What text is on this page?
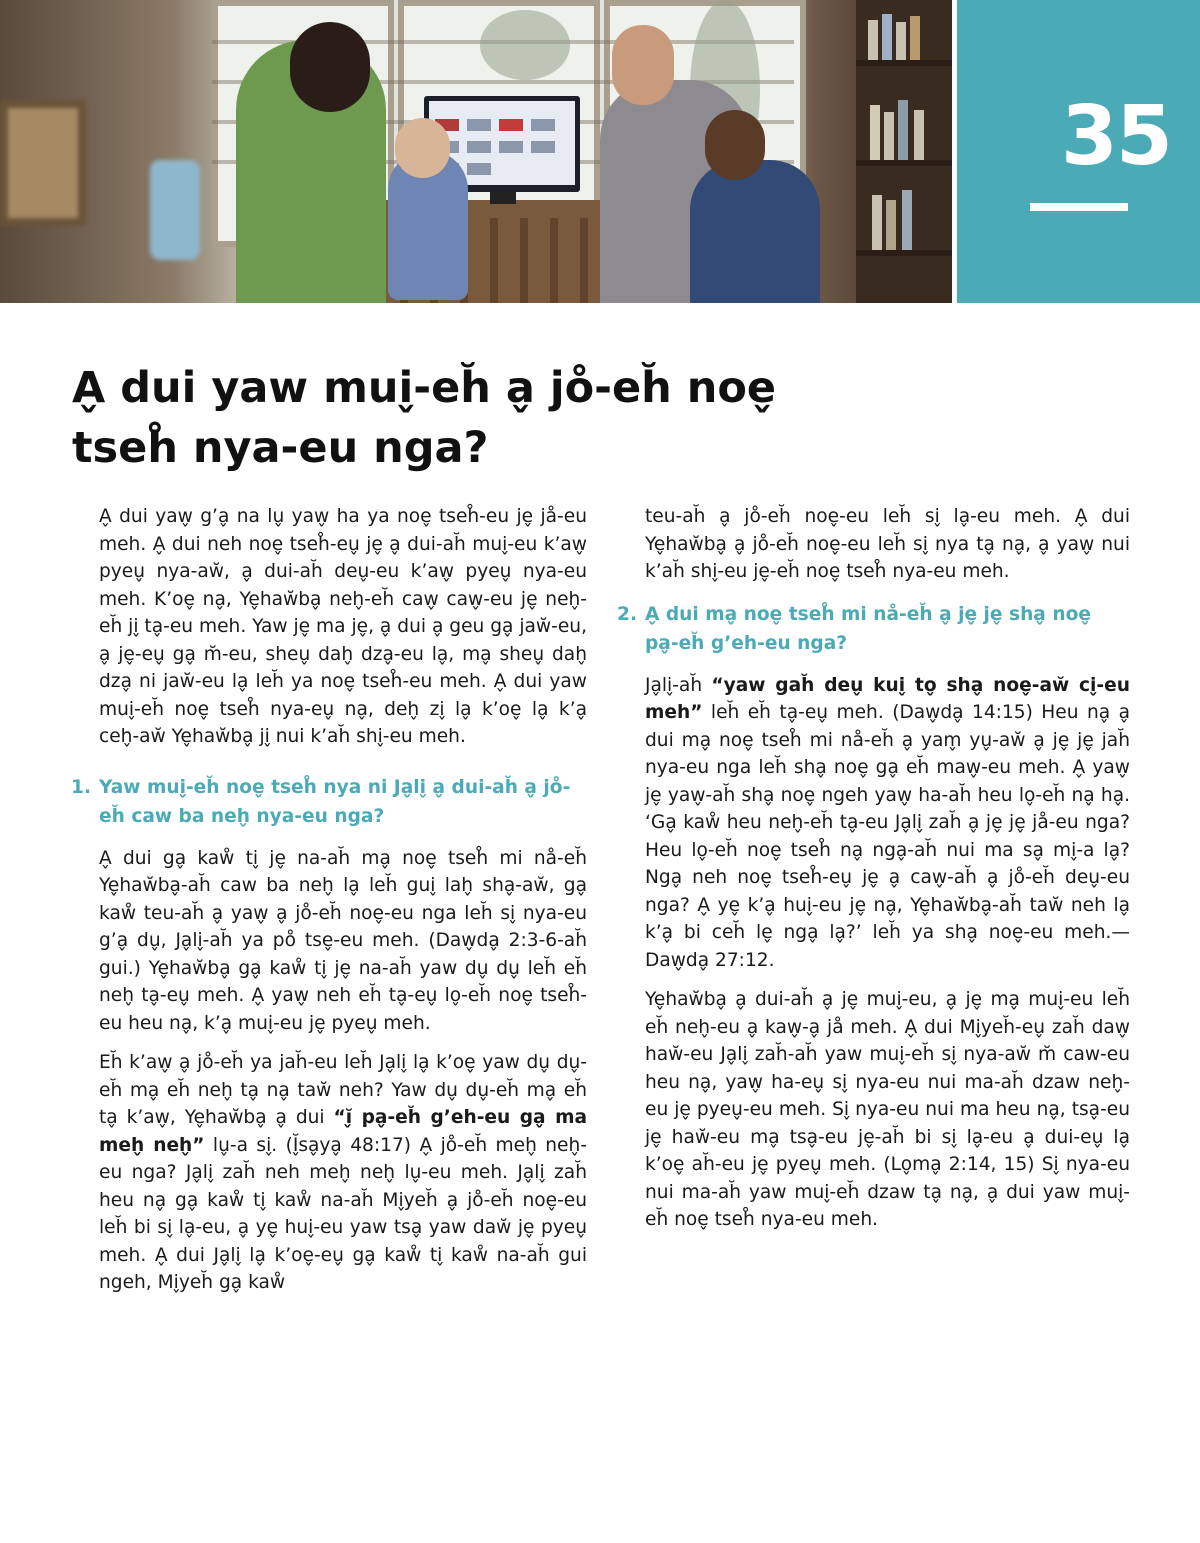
35
A̬ dui yaw mui̬-eh̆ a̬ jo̊-eh̆ noe̬ tseh̊ nya-eu nga?

A̬ dui yaw̬ g’a̬ na lu̬ yaw̬ ha ya noe̬ tseh̊-eu je̬ jå-eu meh. A̬ dui neh noe̬ tseh̊-eu̬ je̬ a̬ dui-ah̆ mui̬-eu k’aw̬ pyeu̬ nya-aw̆, a̬ dui-ah̆ deu̬-eu k’aw̬ pyeu̬ nya-eu meh. K’oe̬ na̬, Ye̬haw̆ba̬ neh̬-eh̆ caw̬ caw̬-eu je̬ neh̬-eh̆ ji̬ ta̬-eu meh. Yaw je̬ ma je̬, a̬ dui a̬ geu ga̬ jaw̆-eu, a̬ je̬-eu̬ ga̬ m̆-eu, sheu̬ dah̬ dza̬-eu la̬, ma̬ sheu̬ dah̬ dza̬ ni jaw̆-eu la̬ leh̆ ya noe̬ tseh̊-eu meh. A̬ dui yaw mui̬-eh̆ noe̬ tseh̊ nya-eu̬ na̬, deh̬ zi̬ la̬ k’oe̬ la̬ k’a̬ ceh̬-aw̆ Ye̬haw̆ba̬ ji̬ nui k’ah̆ shi̬-eu meh.

1. Yaw mui̬-eh̆ noe̬ tseh̊ nya ni Ja̬li̬ a̬ dui-ah̆ a̬ jo̊-eh̆ caw ba neh̬ nya-eu nga?

A̬ dui ga̬ kaẘ ti̬ je̬ na-ah̆ ma̬ noe̬ tseh̊ mi nå-eh̆ Ye̬haw̆ba̬-ah̆ caw ba neh̬ la̬ leh̆ gui̬ lah̬ sha̬-aw̆, ga̬ kaẘ teu-ah̆ a̬ yaw̬ a̬ jo̊-eh̆ noe̬-eu nga leh̆ si̬ nya-eu g’a̬ du̬, Ja̬li̬-ah̆ ya po̊ tse̬-eu meh. (Daw̬da̬ 2:3-6-ah̆ gui.) Ye̬haw̆ba̬ ga̬ kaẘ ti̬ je̬ na-ah̆ yaw du̬ du̬ leh̆ eh̆ neh̬ ta̬-eu̬ meh. A̬ yaw̬ neh eh̆ ta̬-eu̬ lo̬-eh̆ noe̬ tseh̊-eu heu na̬, k’a̬ mui̬-eu je̬ pyeu̬ meh.

Eh̆ k’aw̬ a̬ jo̊-eh̆ ya jah̆-eu leh̆ Ja̬li̬ la̬ k’oe̬ yaw du̬ du̬-eh̆ ma̬ eh̆ neh̬ ta̬ na̬ taw̆ neh? Yaw du̬ du̬-eh̆ ma̬ eh̆ ta̬ k’aw̬, Ye̬haw̆ba̬ a̬ dui “ĭ̬ pa̬-eh̆ g’eh-eu ga̬ ma meh̬ neh̬” lu̬-a si̬. (Ĭ̬sa̬ya̬ 48:17) A̬ jo̊-eh̆ meh̬ neh̬-eu nga? Ja̬li̬ zah̆ neh meh̬ neh̬ lu̬-eu meh. Ja̬li̬ zah̆ heu na̬ ga̬ kaẘ ti̬ kaẘ na-ah̆ Mi̬yeh̆ a̬ jo̊-eh̆ noe̬-eu leh̆ bi si̬ la̬-eu, a̬ ye̬ hui̬-eu yaw tsa̬ yaw daw̆ je̬ pyeu̬ meh. A̬ dui Ja̬li̬ la̬ k’oe̬-eu̬ ga̬ kaẘ ti̬ kaẘ na-ah̆ gui ngeh, Mi̬yeh̆ ga̬ kaẘ

teu-ah̆ a̬ jo̊-eh̆ noe̬-eu leh̆ si̬ la̬-eu meh. A̬ dui Ye̬haw̆ba̬ a̬ jo̊-eh̆ noe̬-eu leh̆ si̬ nya ta̬ na̬, a̬ yaw̬ nui k’ah̆ shi̬-eu je̬-eh̆ noe̬ tseh̊ nya-eu meh.

2. A̬ dui ma̬ noe̬ tseh̊ mi nå-eh̆ a̬ je̬ je̬ sha̬ noe̬ pa̬-eh̆ g’eh-eu nga?

Ja̬li̬-ah̆ “yaw gah̆ deu̬ kui̬ to̬ sha̬ noe̬-aw̆ ci̬-eu meh” leh̆ eh̆ ta̬-eu̬ meh. (Daw̬da̬ 14:15) Heu na̬ a̬ dui ma̬ noe̬ tseh̊ mi nå-eh̆ a̬ yam̬ yu̬-aw̆ a̬ je̬ je̬ jah̆ nya-eu nga leh̆ sha̬ noe̬ ga̬ eh̆ maw̬-eu meh. A̬ yaw̬ je̬ yaw̬-ah̆ sha̬ noe̬ ngeh yaw̬ ha-ah̆ heu lo̬-eh̆ na̬ ha̬. ‘Ga̬ kaẘ heu neh̬-eh̆ ta̬-eu Ja̬li̬ zah̆ a̬ je̬ je̬ jå-eu nga? Heu lo̬-eh̆ noe̬ tseh̊ na̬ nga̬-ah̆ nui ma sa̬ mi̬-a la̬? Nga̬ neh noe̬ tseh̊-eu̬ je̬ a̬ caw̬-ah̆ a̬ jo̊-eh̆ deu̬-eu nga? A̬ ye̬ k’a̬ hui̬-eu je̬ na̬, Ye̬haw̆ba̬-ah̆ taw̆ neh la̬ k’a̬ bi ceh̆ le̬ nga̬ la̬?’ leh̆ ya sha̬ noe̬-eu meh.—Daw̬da̬ 27:12.

Ye̬haw̆ba̬ a̬ dui-ah̆ a̬ je̬ mui̬-eu, a̬ je̬ ma̬ mui̬-eu leh̆ eh̆ neh̬-eu a̬ kaw̬-a̬ jå meh. A̬ dui Mi̬yeh̆-eu̬ zah̆ daw̬ haw̆-eu Ja̬li̬ zah̆-ah̆ yaw mui̬-eh̆ si̬ nya-aw̆ m̆ caw-eu heu na̬, yaw̬ ha-eu̬ si̬ nya-eu nui ma-ah̆ dzaw neh̬-eu je̬ pyeu̬-eu meh. Si̬ nya-eu nui ma heu na̬, tsa̬-eu je̬ haw̆-eu ma̬ tsa̬-eu je̬-ah̆ bi si̬ la̬-eu a̬ dui-eu̬ la̬ k’oe̬ ah̆-eu je̬ pyeu̬ meh. (Lo̬ma̬ 2:14, 15) Si̬ nya-eu nui ma-ah̆ yaw mui̬-eh̆ dzaw ta̬ na̬, a̬ dui yaw mui̬-eh̆ noe̬ tseh̊ nya-eu meh.
